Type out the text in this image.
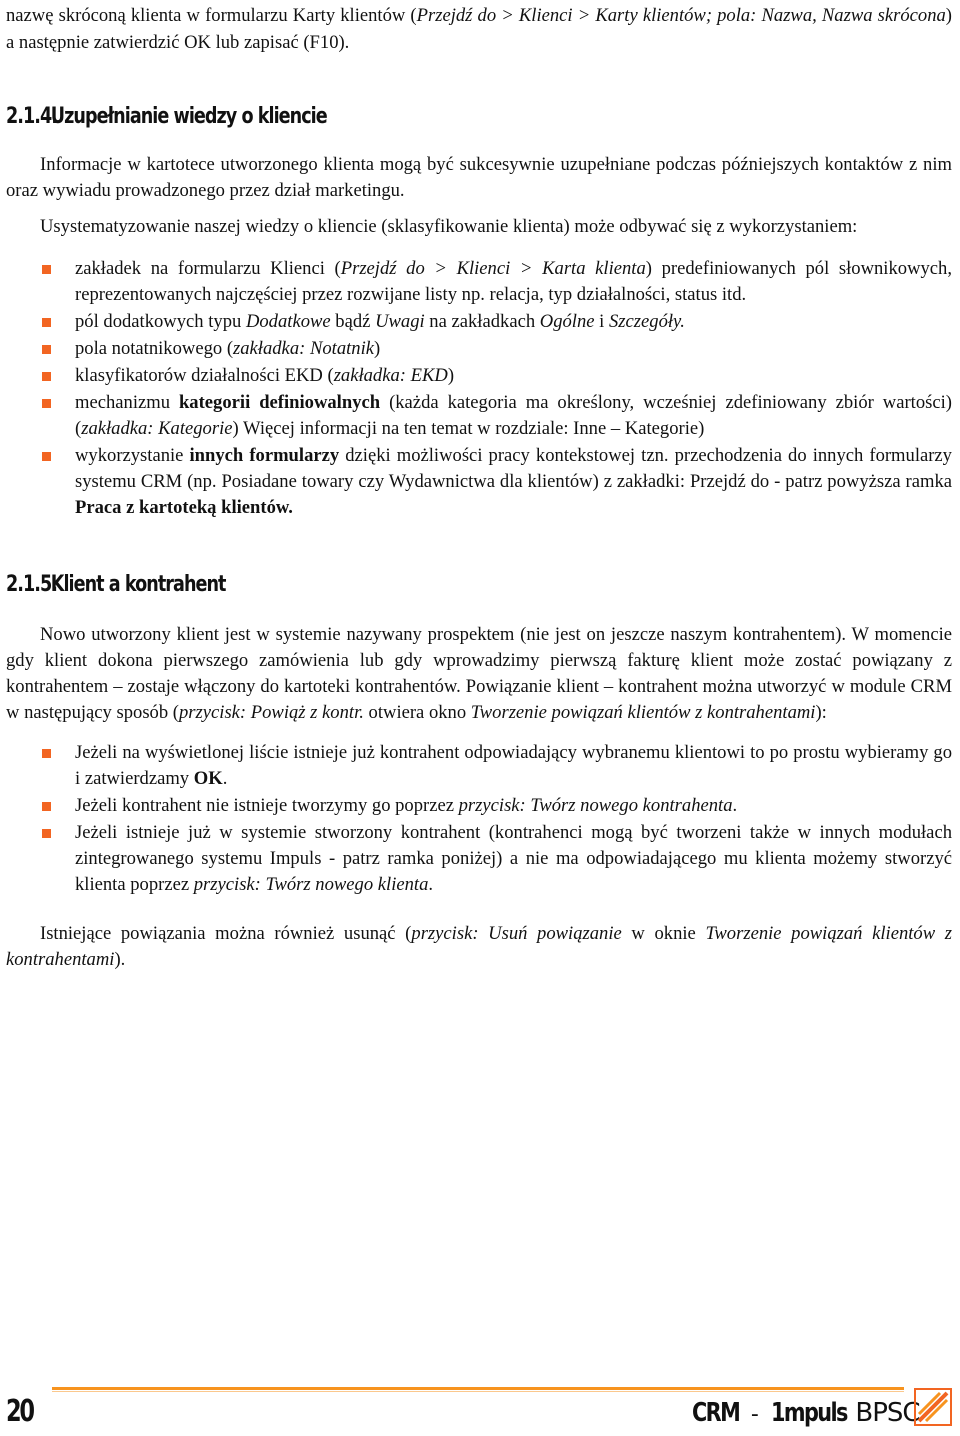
nazwę skróconą klienta w formularzu Karty klientów (Przejdź do > Klienci > Karty klientów; pola: Nazwa, Nazwa skrócona) a następnie zatwierdzić OK lub zapisać (F10).

2.1.4.Uzupełnianie wiedzy o kliencie

Informacje w kartotece utworzonego klienta mogą być sukcesywnie uzupełniane podczas późniejszych kontaktów z nim oraz wywiadu prowadzonego przez dział marketingu.

Usystematyzowanie naszej wiedzy o kliencie (sklasyfikowanie klienta) może odbywać się z wykorzystaniem:

zakładek na formularzu Klienci (Przejdź do > Klienci > Karta klienta) predefiniowanych pól słownikowych, reprezentowanych najczęściej przez rozwijane listy np. relacja, typ działalności, status itd.
pól dodatkowych typu Dodatkowe bądź Uwagi na zakładkach Ogólne i Szczegóły.
pola notatnikowego (zakładka: Notatnik)
klasyfikatorów działalności EKD (zakładka: EKD)
mechanizmu kategorii definiowalnych (każda kategoria ma określony, wcześniej zdefiniowany zbiór wartości) (zakładka: Kategorie) Więcej informacji na ten temat w rozdziale: Inne – Kategorie)
wykorzystanie innych formularzy dzięki możliwości pracy kontekstowej tzn. przechodzenia do innych formularzy systemu CRM (np. Posiadane towary czy Wydawnictwa dla klientów) z zakładki: Przejdź do - patrz powyższa ramka Praca z kartoteką klientów.
2.1.5.Klient a kontrahent

Nowo utworzony klient jest w systemie nazywany prospektem (nie jest on jeszcze naszym kontrahentem). W momencie gdy klient dokona pierwszego zamówienia lub gdy wprowadzimy pierwszą fakturę klient może zostać powiązany z kontrahentem – zostaje włączony do kartoteki kontrahentów. Powiązanie klient – kontrahent można utworzyć w module CRM w następujący sposób (przycisk: Powiąż z kontr. otwiera okno Tworzenie powiązań klientów z kontrahentami):

Jeżeli na wyświetlonej liście istnieje już kontrahent odpowiadający wybranemu klientowi to po prostu wybieramy go i zatwierdzamy OK.
Jeżeli kontrahent nie istnieje tworzymy go poprzez przycisk: Twórz nowego kontrahenta.
Jeżeli istnieje już w systemie stworzony kontrahent (kontrahenci mogą być tworzeni także w innych modułach zintegrowanego systemu Impuls - patrz ramka poniżej) a nie ma odpowiadającego mu klienta możemy stworzyć klienta poprzez przycisk: Twórz nowego klienta.

Istniejące powiązania można również usunąć (przycisk: Usuń powiązanie w oknie Tworzenie powiązań klientów z kontrahentami).

20	CRM - 1mpuls BPSC
